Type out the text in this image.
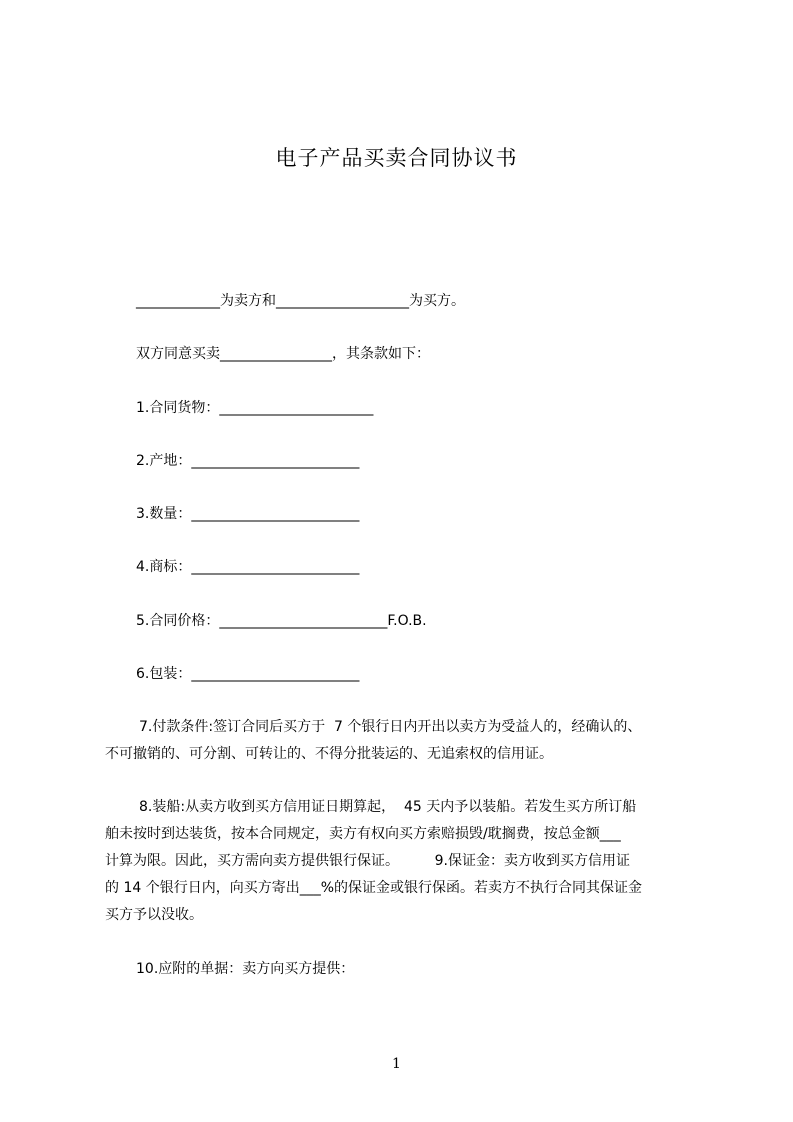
电子产品买卖合同协议书
____________为卖方和___________________为买方。
双方同意买卖________________，其条款如下：
1.合同货物：______________________
2.产地：________________________
3.数量：________________________
4.商标：________________________
5.合同价格：________________________F.O.B.
6.包装：________________________
7.付款条件:签订合同后买方于  7 个银行日内开出以卖方为受益人的，经确认的、
不可撤销的、可分割、可转让的、不得分批装运的、无追索权的信用证。
8.装船:从卖方收到买方信用证日期算起，  45 天内予以装船。若发生买方所订船
舶未按时到达装货，按本合同规定，卖方有权向买方索赔损毁/耽搁费，按总金额___
计算为限。因此，买方需向卖方提供银行保证。        9.保证金：卖方收到买方信用证
的 14 个银行日内，向买方寄出___%的保证金或银行保函。若卖方不执行合同其保证金
买方予以没收。
10.应附的单据：卖方向买方提供：
1
